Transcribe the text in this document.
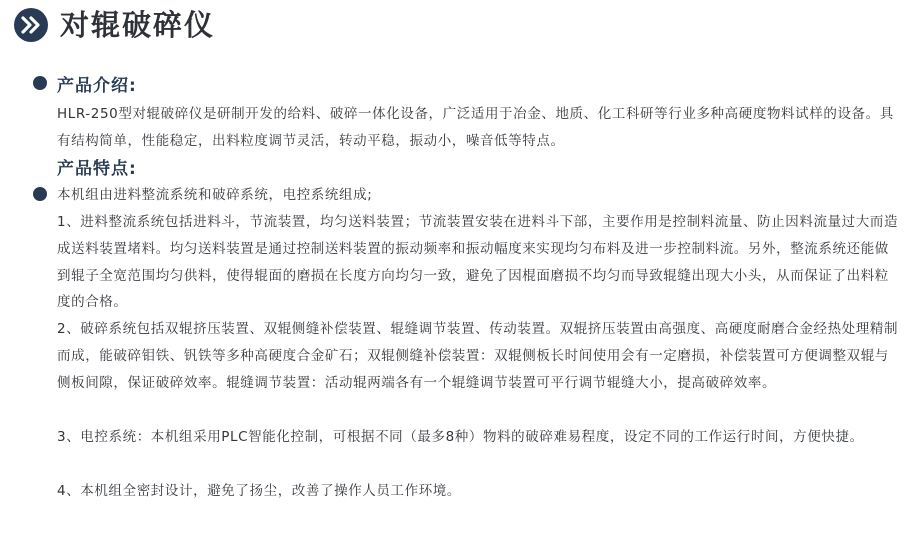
对辊破碎仪
产品介绍:

HLR-250型对辊破碎仪是研制开发的给料、破碎一体化设备，广泛适用于冶金、地质、化工科研等行业多种高硬度物料试样的设备。具有结构简单，性能稳定，出料粒度调节灵活，转动平稳，振动小，噪音低等特点。

产品特点:

本机组由进料整流系统和破碎系统，电控系统组成;

1、进料整流系统包括进料斗，节流装置，均匀送料装置；节流装置安装在进料斗下部，主要作用是控制料流量、防止因料流量过大而造成送料装置堵料。均匀送料装置是通过控制送料装置的振动频率和振动幅度来实现均匀布料及进一步控制料流。另外，整流系统还能做到辊子全宽范围均匀供料，使得辊面的磨损在长度方向均匀一致，避免了因棍面磨损不均匀而导致辊缝出现大小头，从而保证了出料粒度的合格。

2、破碎系统包括双辊挤压装置、双辊侧缝补偿装置、辊缝调节装置、传动装置。双辊挤压装置由高强度、高硬度耐磨合金经热处理精制而成，能破碎钼铁、钒铁等多种高硬度合金矿石；双辊侧缝补偿装置：双辊侧板长时间使用会有一定磨损，补偿装置可方便调整双辊与侧板间隙，保证破碎效率。辊缝调节装置：活动辊两端各有一个辊缝调节装置可平行调节辊缝大小，提高破碎效率。

3、电控系统：本机组采用PLC智能化控制，可根据不同（最多8种）物料的破碎难易程度，设定不同的工作运行时间，方便快捷。

4、本机组全密封设计，避免了扬尘，改善了操作人员工作环境。
